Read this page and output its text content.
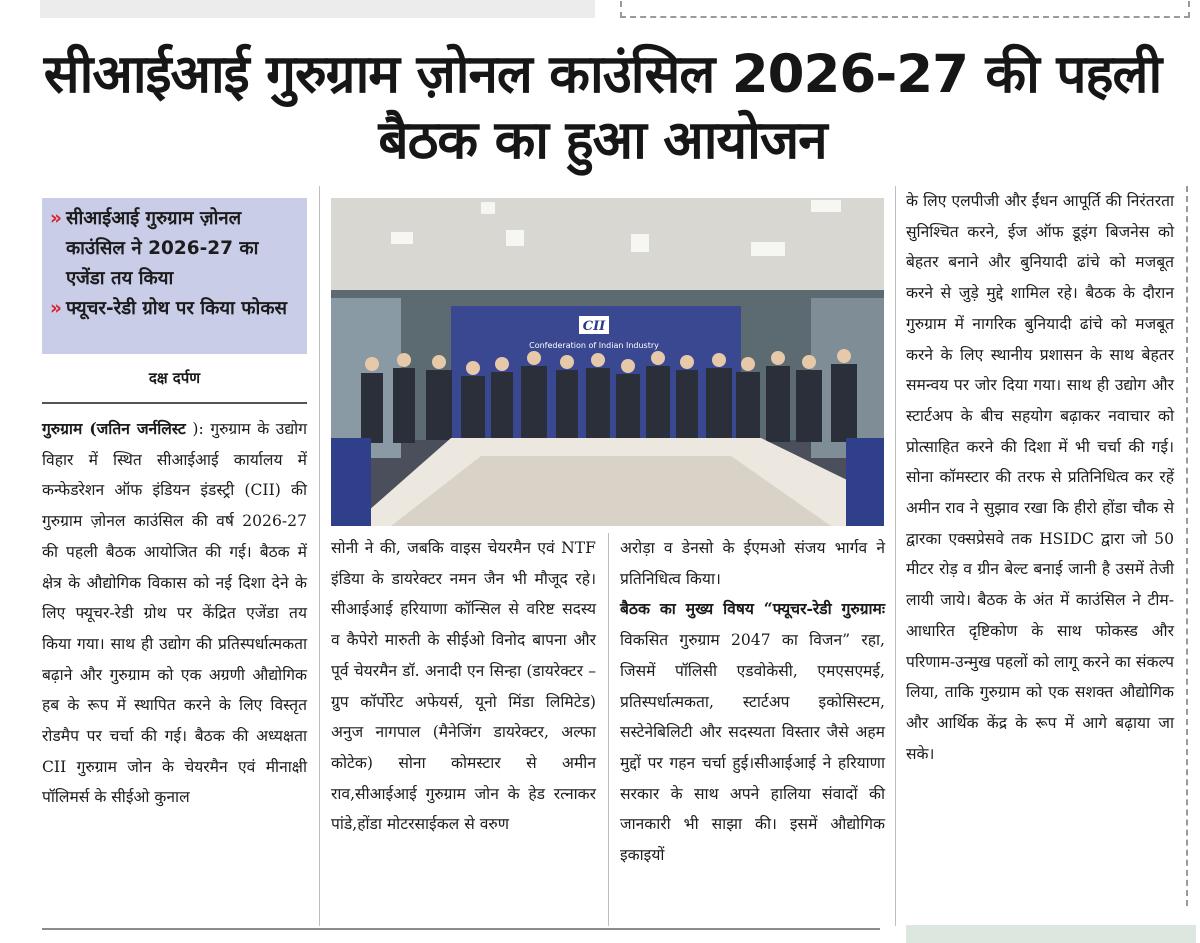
सीआईआई गुरुग्राम ज़ोनल काउंसिल 2026-27 की पहली बैठक का हुआ आयोजन
» सीआईआई गुरुग्राम ज़ोनल काउंसिल ने 2026-27 का एजेंडा तय किया
» फ्यूचर-रेडी ग्रोथ पर किया फोकस
दक्ष दर्पण
गुरुग्राम (जतिन जर्नलिस्ट ): गुरुग्राम के उद्योग विहार में स्थित सीआईआई कार्यालय में कन्फेडरेशन ऑफ इंडियन इंडस्ट्री (CII) की गुरुग्राम ज़ोनल काउंसिल की वर्ष 2026-27 की पहली बैठक आयोजित की गई। बैठक में क्षेत्र के औद्योगिक विकास को नई दिशा देने के लिए फ्यूचर-रेडी ग्रोथ पर केंद्रित एजेंडा तय किया गया। साथ ही उद्योग की प्रतिस्पर्धात्मकता बढ़ाने और गुरुग्राम को एक अग्रणी औद्योगिक हब के रूप में स्थापित करने के लिए विस्तृत रोडमैप पर चर्चा की गई। बैठक की अध्यक्षता CII गुरुग्राम जोन के चेयरमैन एवं मीनाक्षी पॉलिमर्स के सीईओ कुनाल
CII
Confederation of Indian Industry
सोनी ने की, जबकि वाइस चेयरमैन एवं NTF इंडिया के डायरेक्टर नमन जैन भी मौजूद रहे। सीआईआई हरियाणा कॉन्सिल से वरिष्ट सदस्य व कैपेरो मारुती के सीईओ विनोद बापना और पूर्व चेयरमैन डॉ. अनादी एन सिन्हा (डायरेक्टर – ग्रुप कॉर्पोरेट अफेयर्स, यूनो मिंडा लिमिटेड) अनुज नागपाल (मैनेजिंग डायरेक्टर, अल्फा कोटेक) सोना कोमस्टार से अमीन राव,सीआईआई गुरुग्राम जोन के हेड रत्नाकर पांडे,होंडा मोटरसाईकल से वरुण
अरोड़ा व डेनसो के ईएमओ संजय भार्गव ने प्रतिनिधित्व किया।
बैठक का मुख्य विषय “फ्यूचर-रेडी गुरुग्रामः विकसित गुरुग्राम 2047 का विजन” रहा, जिसमें पॉलिसी एडवोकेसी, एमएसएमई, प्रतिस्पर्धात्मकता, स्टार्टअप इकोसिस्टम, सस्टेनेबिलिटी और सदस्यता विस्तार जैसे अहम मुद्दों पर गहन चर्चा हुई।सीआईआई ने हरियाणा सरकार के साथ अपने हालिया संवादों की जानकारी भी साझा की। इसमें औद्योगिक इकाइयों
के लिए एलपीजी और ईंधन आपूर्ति की निरंतरता सुनिश्चित करने, ईज ऑफ डूइंग बिजनेस को बेहतर बनाने और बुनियादी ढांचे को मजबूत करने से जुड़े मुद्दे शामिल रहे। बैठक के दौरान गुरुग्राम में नागरिक बुनियादी ढांचे को मजबूत करने के लिए स्थानीय प्रशासन के साथ बेहतर समन्वय पर जोर दिया गया। साथ ही उद्योग और स्टार्टअप के बीच सहयोग बढ़ाकर नवाचार को प्रोत्साहित करने की दिशा में भी चर्चा की गई।सोना कॉमस्टार की तरफ से प्रतिनिधित्व कर रहें अमीन राव ने सुझाव रखा कि हीरो होंडा चौक से द्वारका एक्सप्रेसवे तक HSIDC द्वारा जो 50 मीटर रोड़ व ग्रीन बेल्ट बनाई जानी है उसमें तेजी लायी जाये। बैठक के अंत में काउंसिल ने टीम-आधारित दृष्टिकोण के साथ फोकस्ड और परिणाम-उन्मुख पहलों को लागू करने का संकल्प लिया, ताकि गुरुग्राम को एक सशक्त औद्योगिक और आर्थिक केंद्र के रूप में आगे बढ़ाया जा सके।
